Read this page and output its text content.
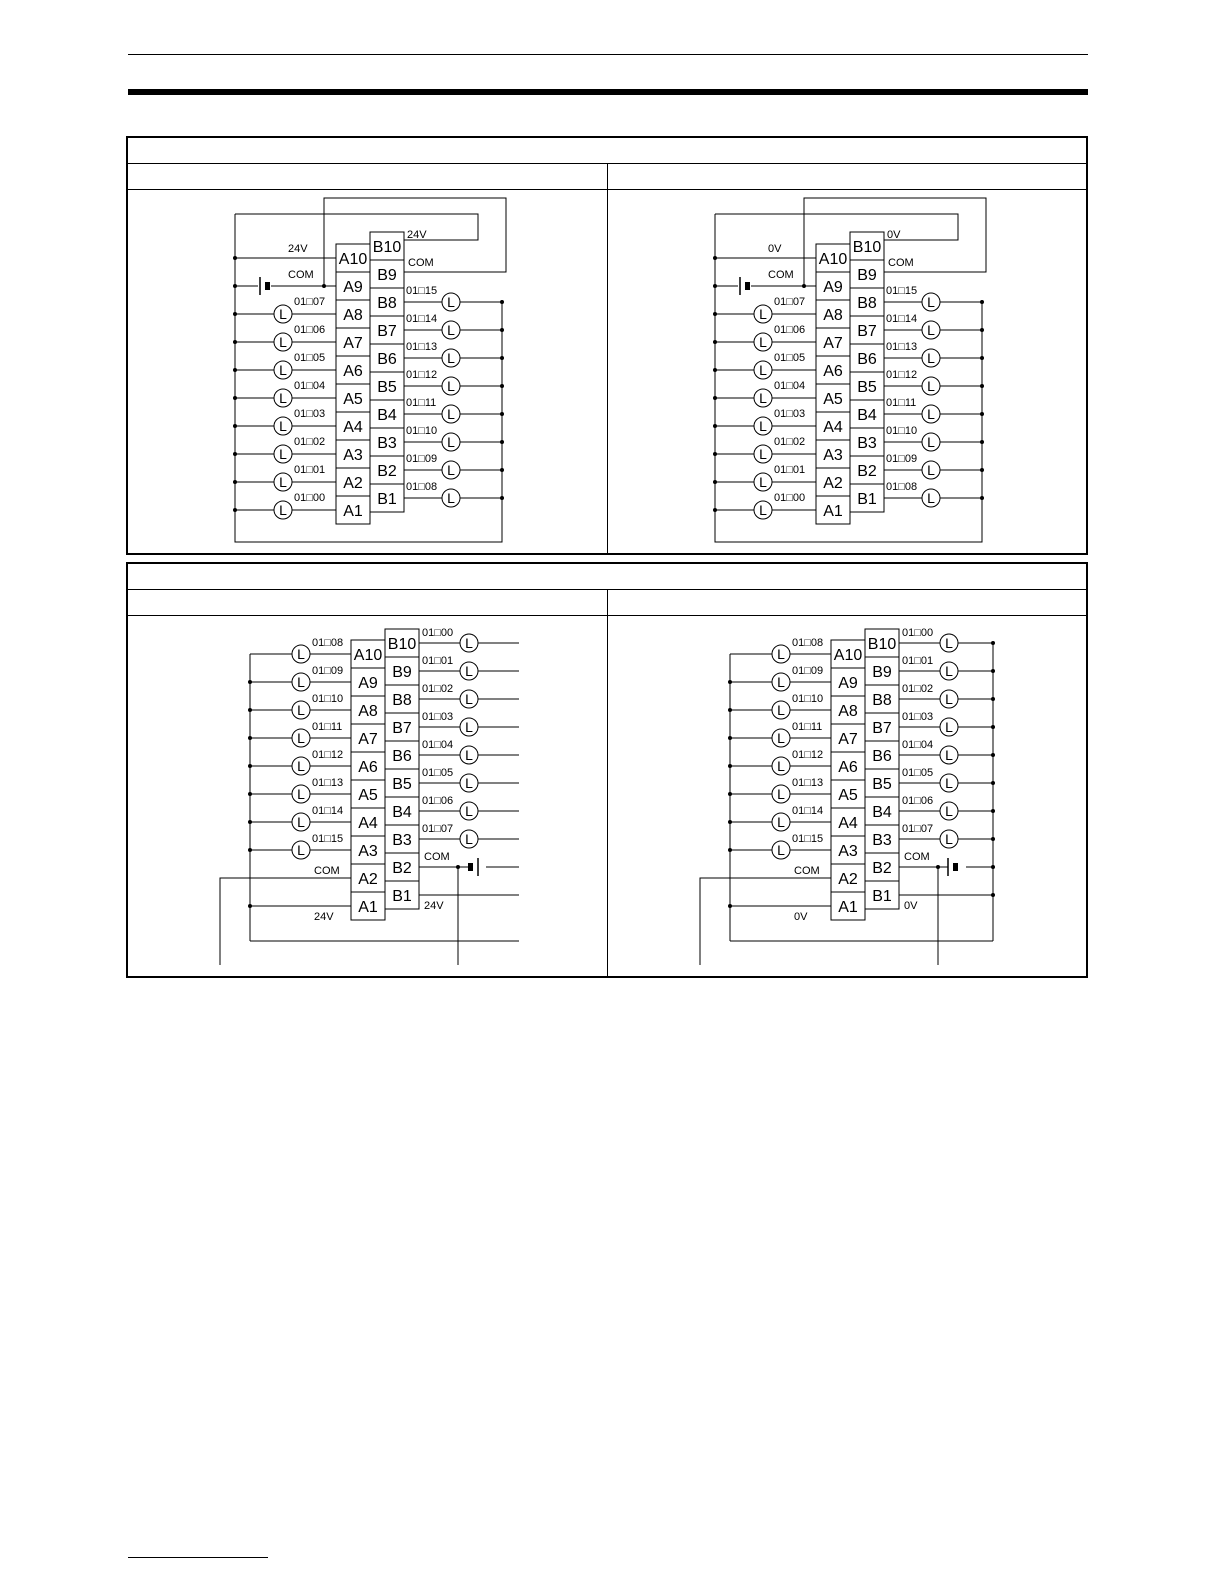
A10
B10
A9
B9
A8
B8
A7
B7
A6
B6
A5
B5
A4
B4
A3
B3
A2
B2
A1
B1
24V
24V
COM
COM
L
01□07
L
01□06
L
01□05
L
01□04
L
01□03
L
01□02
L
01□01
L
01□00
L
01□15
L
01□14
L
01□13
L
01□12
L
01□11
L
01□10
L
01□09
L
01□08
A10
B10
A9
B9
A8
B8
A7
B7
A6
B6
A5
B5
A4
B4
A3
B3
A2
B2
A1
B1
0V
0V
COM
COM
L
01□07
L
01□06
L
01□05
L
01□04
L
01□03
L
01□02
L
01□01
L
01□00
L
01□15
L
01□14
L
01□13
L
01□12
L
01□11
L
01□10
L
01□09
L
01□08
A10
B10
A9
B9
A8
B8
A7
B7
A6
B6
A5
B5
A4
B4
A3
B3
A2
B2
A1
B1
L
01□08
L
01□09
L
01□10
L
01□11
L
01□12
L
01□13
L
01□14
L
01□15
COM
24V
L
01□00
L
01□01
L
01□02
L
01□03
L
01□04
L
01□05
L
01□06
L
01□07
COM
24V
A10
B10
A9
B9
A8
B8
A7
B7
A6
B6
A5
B5
A4
B4
A3
B3
A2
B2
A1
B1
L
01□08
L
01□09
L
01□10
L
01□11
L
01□12
L
01□13
L
01□14
L
01□15
COM
0V
L
01□00
L
01□01
L
01□02
L
01□03
L
01□04
L
01□05
L
01□06
L
01□07
COM
0V
